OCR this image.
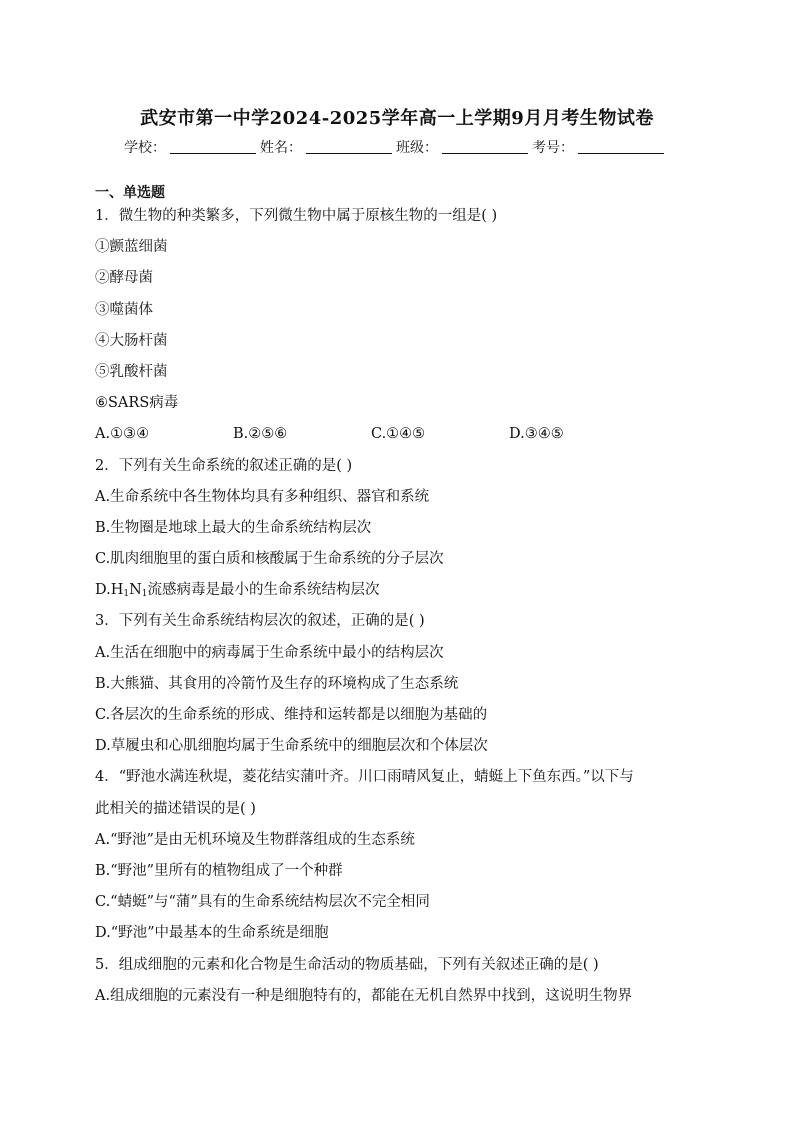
武安市第一中学2024-2025学年高一上学期9月月考生物试卷
学校：	姓名：	班级：	考号：
一、单选题
1．微生物的种类繁多，下列微生物中属于原核生物的一组是( )
①颤蓝细菌
②酵母菌
③噬菌体
④大肠杆菌
⑤乳酸杆菌
⑥SARS病毒
A.①③④	B.②⑤⑥	C.①④⑤	D.③④⑤
2．下列有关生命系统的叙述正确的是( )
A.生命系统中各生物体均具有多种组织、器官和系统
B.生物圈是地球上最大的生命系统结构层次
C.肌肉细胞里的蛋白质和核酸属于生命系统的分子层次
$D.H_1N_1$流感病毒是最小的生命系统结构层次
3．下列有关生命系统结构层次的叙述，正确的是( )
A.生活在细胞中的病毒属于生命系统中最小的结构层次
B.大熊猫、其食用的冷箭竹及生存的环境构成了生态系统
C.各层次的生命系统的形成、维持和运转都是以细胞为基础的
D.草履虫和心肌细胞均属于生命系统中的细胞层次和个体层次
4．“野池水满连秋堤，菱花结实蒲叶齐。川口雨晴风复止，蜻蜓上下鱼东西。”以下与
此相关的描述错误的是( )
A.“野池”是由无机环境及生物群落组成的生态系统
B.“野池”里所有的植物组成了一个种群
C.“蜻蜓”与“蒲”具有的生命系统结构层次不完全相同
D.“野池”中最基本的生命系统是细胞
5．组成细胞的元素和化合物是生命活动的物质基础，下列有关叙述正确的是( )
A.组成细胞的元素没有一种是细胞特有的，都能在无机自然界中找到，这说明生物界
